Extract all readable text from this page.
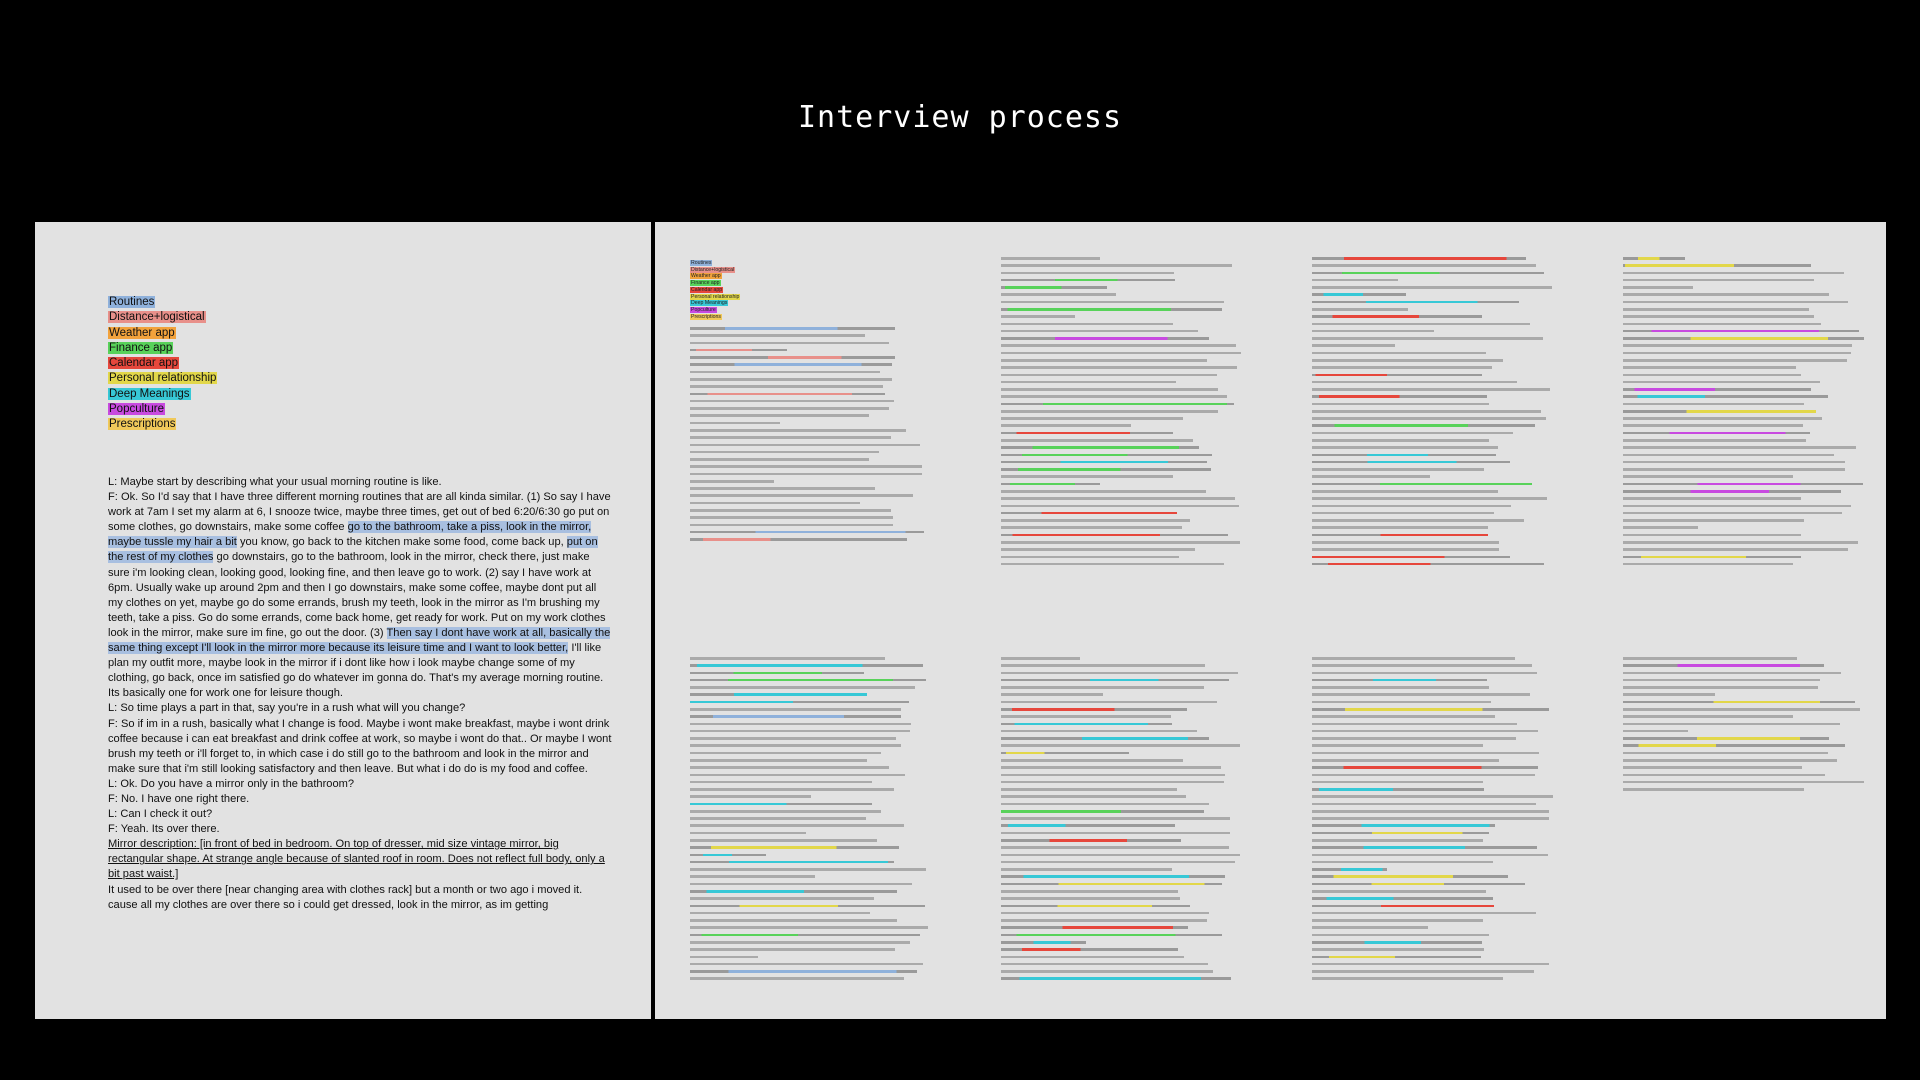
Interview process
Routines
Distance+logistical
Weather app
Finance app
Calendar app
Personal relationship
Deep Meanings
Popculture
Prescriptions

L: Maybe start by describing what your usual morning routine is like.

F: Ok. So I'd say that I have three different morning routines that are all kinda similar. (1) So say I have work at 7am I set my alarm at 6, I snooze twice, maybe three times, get out of bed 6:20/6:30 go put on some clothes, go downstairs, make some coffee go to the bathroom, take a piss, look in the mirror, maybe tussle my hair a bit you know, go back to the kitchen make some food, come back up, put on the rest of my clothes go downstairs, go to the bathroom, look in the mirror, check there, just make sure i'm looking clean, looking good, looking fine, and then leave go to work. (2) say I have work at 6pm. Usually wake up around 2pm and then I go downstairs, make some coffee, maybe dont put all my clothes on yet, maybe go do some errands, brush my teeth, look in the mirror as I'm brushing my teeth, take a piss. Go do some errands, come back home, get ready for work. Put on my work clothes look in the mirror, make sure im fine, go out the door. (3) Then say I dont have work at all, basically the same thing except I'll look in the mirror more because its leisure time and I want to look better, I'll like plan my outfit more, maybe look in the mirror if i dont like how i look maybe change some of my clothing, go back, once im satisfied go do whatever im gonna do. That's my average morning routine. Its basically one for work one for leisure though.

L: So time plays a part in that, say you're in a rush what will you change?

F: So if im in a rush, basically what I change is food. Maybe i wont make breakfast, maybe i wont drink coffee because i can eat breakfast and drink coffee at work, so maybe i wont do that.. Or maybe I wont brush my teeth or i'll forget to, in which case i do still go to the bathroom and look in the mirror and make sure that i'm still looking satisfactory and then leave. But what i do do is my food and coffee.

L: Ok. Do you have a mirror only in the bathroom?

F: No. I have one right there.

L: Can I check it out?

F: Yeah. Its over there.

Mirror description: [in front of bed in bedroom. On top of dresser, mid size vintage mirror, big rectangular shape. At strange angle because of slanted roof in room. Does not reflect full body, only a bit past waist.]

It used to be over there [near changing area with clothes rack] but a month or two ago i moved it. cause all my clothes are over there so i could get dressed, look in the mirror, as im getting

Routines
Distance+logistical
Weather app
Finance app
Calendar app
Personal relationship
Deep Meanings
Popculture
Prescriptions
